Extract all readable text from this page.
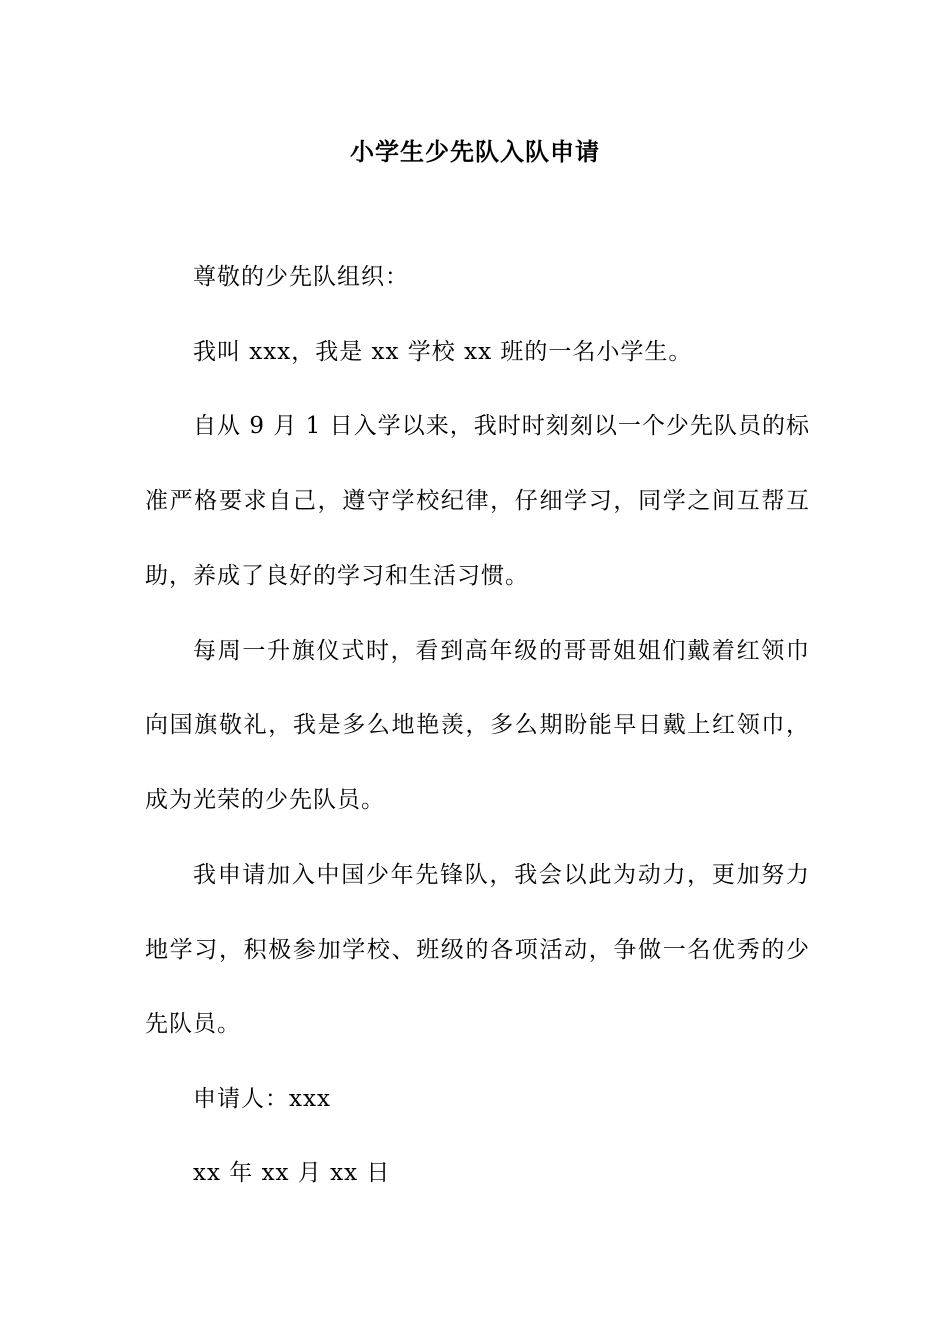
小学生少先队入队申请
尊敬的少先队组织：
我叫 xxx，我是 xx 学校 xx 班的一名小学生。
自从 9 月 1 日入学以来，我时时刻刻以一个少先队员的标
准严格要求自己，遵守学校纪律，仔细学习，同学之间互帮互
助，养成了良好的学习和生活习惯。
每周一升旗仪式时，看到高年级的哥哥姐姐们戴着红领巾
向国旗敬礼，我是多么地艳羡，多么期盼能早日戴上红领巾，
成为光荣的少先队员。
我申请加入中国少年先锋队，我会以此为动力，更加努力
地学习，积极参加学校、班级的各项活动，争做一名优秀的少
先队员。
申请人：xxx
xx 年 xx 月 xx 日
